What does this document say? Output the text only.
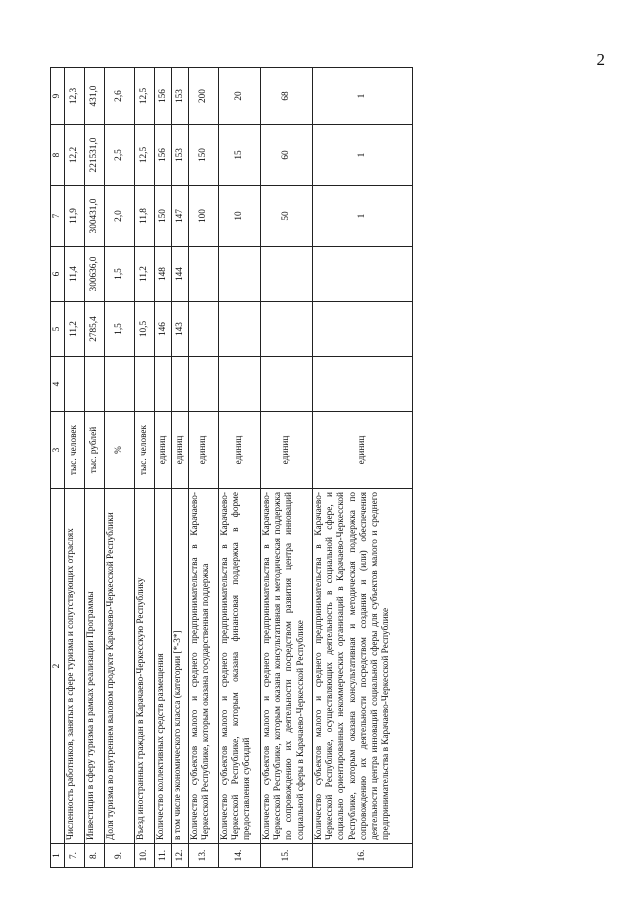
2
1	2	3	4	5	6	7	8	9
7.	Численность работников, занятых в сфере туризма и сопутствующих отраслях	тыс. человек		11,2	11,4	11,9	12,2	12,3
8.	Инвестиции в сферу туризма в рамках реализации Программы	тыс. рублей		2785,4	300636,0	300431,0	221531,0	431,0
9.	Доля туризма во внутреннем валовом продукте Карачаево-Черкесской Республики	%		1,5	1,5	2,0	2,5	2,6
10.	Въезд иностранных граждан в Карачаево-Черкесскую Республику	тыс. человек		10,5	11,2	11,8	12,5	12,5
11.	Количество коллективных средств размещения	единиц		146	148	150	156	156
12.	в том числе экономического класса (категории [*-3*]	единиц		143	144	147	153	153
13.	Количество субъектов малого и среднего предпринимательства в Карачаево-Черкесской Республике, которым оказана государственная поддержка	единиц				100	150	200
14.	Количество субъектов малого и среднего предпринимательства в Карачаево-Черкесской Республике, которым оказана финансовая поддержка в форме предоставления субсидий	единиц				10	15	20
15.	Количество субъектов малого и среднего предпринимательства в Карачаево-Черкесской Республике, которым оказана консультативная и методическая поддержка по сопровождению их деятельности посредством развития центра инноваций социальной сферы в Карачаево-Черкесской Республике	единиц				50	60	68
16.	Количество субъектов малого и среднего предпринимательства в Карачаево-Черкесской Республике, осуществляющих деятельность в социальной сфере, и социально ориентированных некоммерческих организаций в Карачаево-Черкесской Республике, которым оказана консультативная и методическая поддержка по сопровождению их деятельности посредством создания и (или) обеспечения деятельности центра инноваций социальной сферы для субъектов малого и среднего предпринимательства в Карачаево-Черкесской Республике	единиц				1	1	1
